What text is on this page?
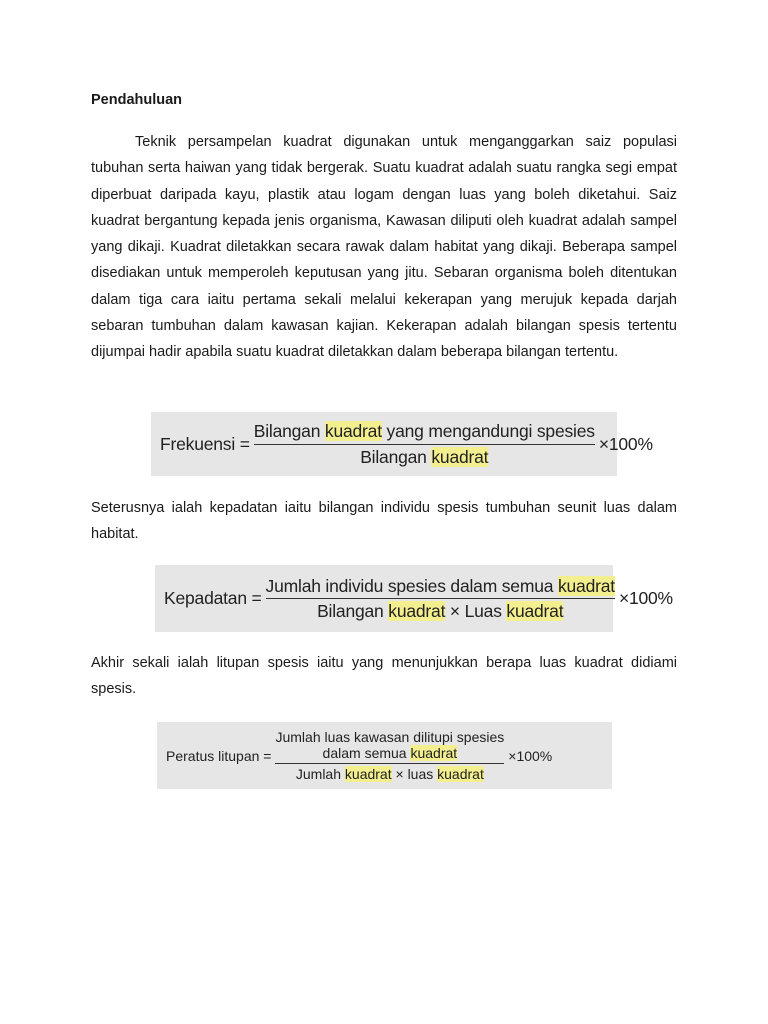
Pendahuluan

Teknik persampelan kuadrat digunakan untuk menganggarkan saiz populasi tubuhan serta haiwan yang tidak bergerak. Suatu kuadrat adalah suatu rangka segi empat diperbuat daripada kayu, plastik atau logam dengan luas yang boleh diketahui. Saiz kuadrat bergantung kepada jenis organisma, Kawasan diliputi oleh kuadrat adalah sampel yang dikaji. Kuadrat diletakkan secara rawak dalam habitat yang dikaji. Beberapa sampel disediakan untuk memperoleh keputusan yang jitu. Sebaran organisma boleh ditentukan dalam tiga cara iaitu pertama sekali melalui kekerapan yang merujuk kepada darjah sebaran tumbuhan dalam kawasan kajian. Kekerapan adalah bilangan spesis tertentu dijumpai hadir apabila suatu kuadrat diletakkan dalam beberapa bilangan tertentu.

Frekuensi = $\frac{\text{Bilangan kuadrat yang mengandungi spesies}}{\text{Bilangan kuadrat}} \times 100\%$

Seterusnya ialah kepadatan iaitu bilangan individu spesis tumbuhan seunit luas dalam habitat.

Kepadatan = $\frac{\text{Jumlah individu spesies dalam semua kuadrat}}{\text{Bilangan kuadrat × Luas kuadrat}} \times 100\%$

Akhir sekali ialah litupan spesis iaitu yang menunjukkan berapa luas kuadrat didiami spesis.

Peratus litupan =
Jumlah luas kawasan dilitupi spesies
dalam semua kuadrat
Jumlah kuadrat × luas kuadrat
×100%
